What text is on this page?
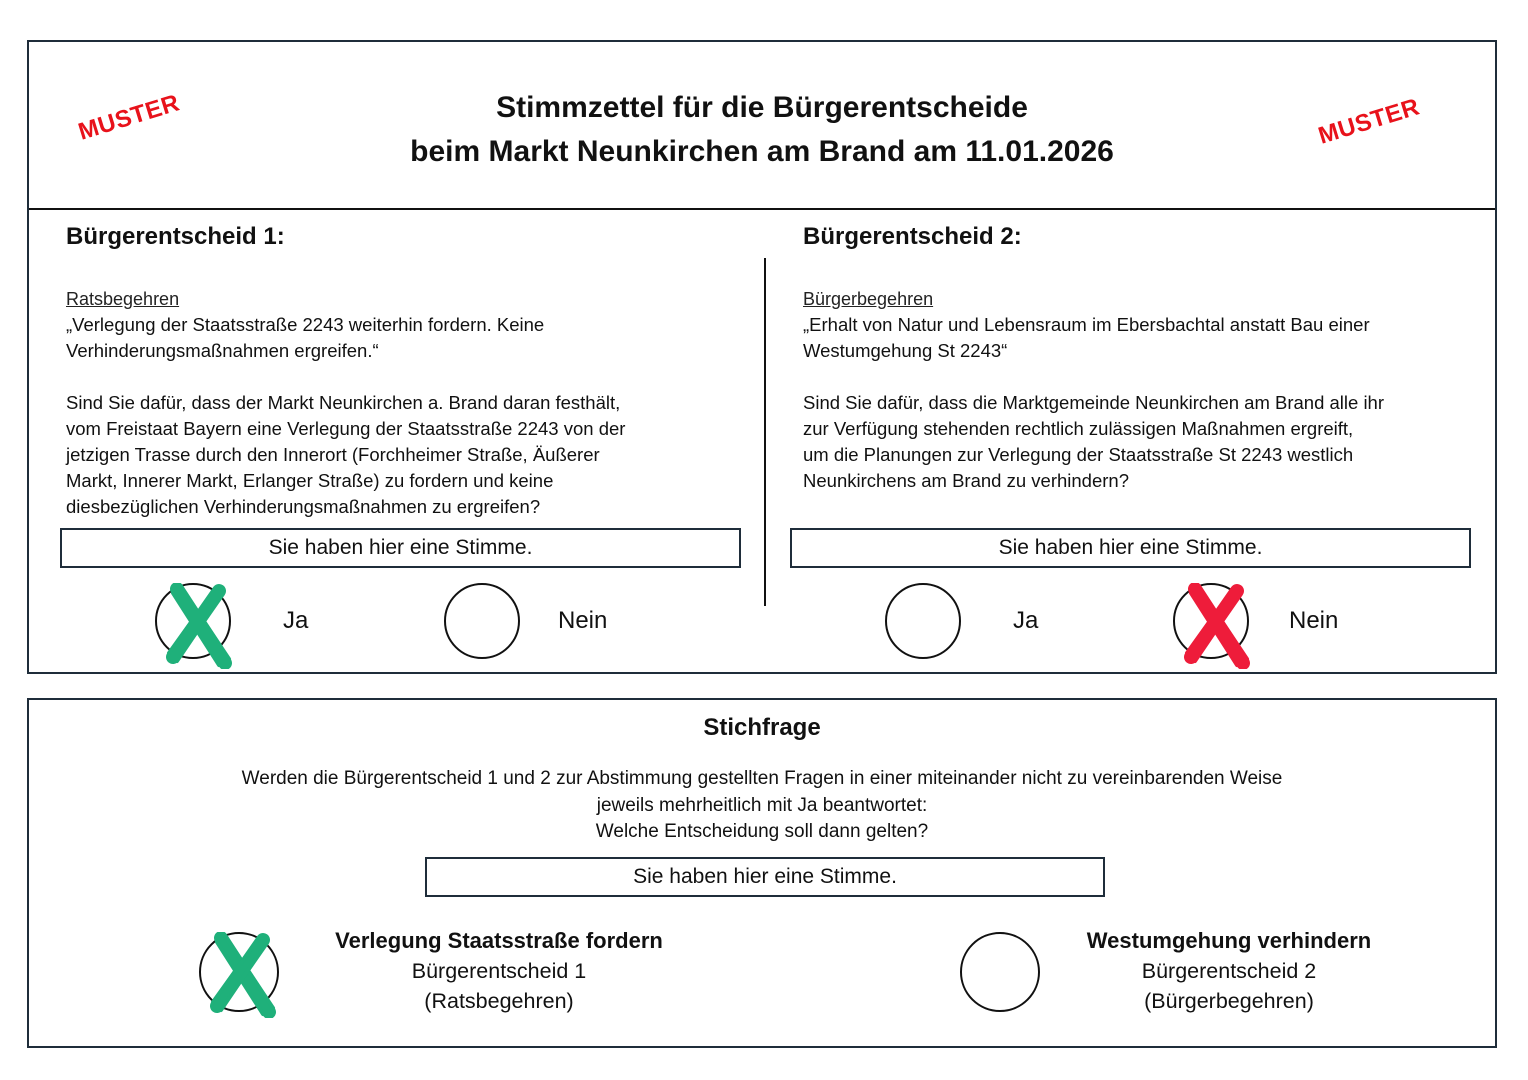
MUSTER	MUSTER
Stimmzettel für die Bürgerentscheide
beim Markt Neunkirchen am Brand am 11.01.2026
Bürgerentscheid 1:
Ratsbegehren
„Verlegung der Staatsstraße 2243 weiterhin fordern. Keine
Verhinderungsmaßnahmen ergreifen.“
Sind Sie dafür, dass der Markt Neunkirchen a. Brand daran festhält,
vom Freistaat Bayern eine Verlegung der Staatsstraße 2243 von der
jetzigen Trasse durch den Innerort (Forchheimer Straße, Äußerer
Markt, Innerer Markt, Erlanger Straße) zu fordern und keine
diesbezüglichen Verhinderungsmaßnahmen zu ergreifen?
Bürgerentscheid 2:
Bürgerbegehren
„Erhalt von Natur und Lebensraum im Ebersbachtal anstatt Bau einer
Westumgehung St 2243“
Sind Sie dafür, dass die Marktgemeinde Neunkirchen am Brand alle ihr
zur Verfügung stehenden rechtlich zulässigen Maßnahmen ergreift,
um die Planungen zur Verlegung der Staatsstraße St 2243 westlich
Neunkirchens am Brand zu verhindern?
Sie haben hier eine Stimme.	Sie haben hier eine Stimme.
Ja	Nein	Ja	Nein
Stichfrage
Werden die Bürgerentscheid 1 und 2 zur Abstimmung gestellten Fragen in einer miteinander nicht zu vereinbarenden Weise
jeweils mehrheitlich mit Ja beantwortet:
Welche Entscheidung soll dann gelten?
Sie haben hier eine Stimme.
Verlegung Staatsstraße fordern
Bürgerentscheid 1
(Ratsbegehren)
Westumgehung verhindern
Bürgerentscheid 2
(Bürgerbegehren)
